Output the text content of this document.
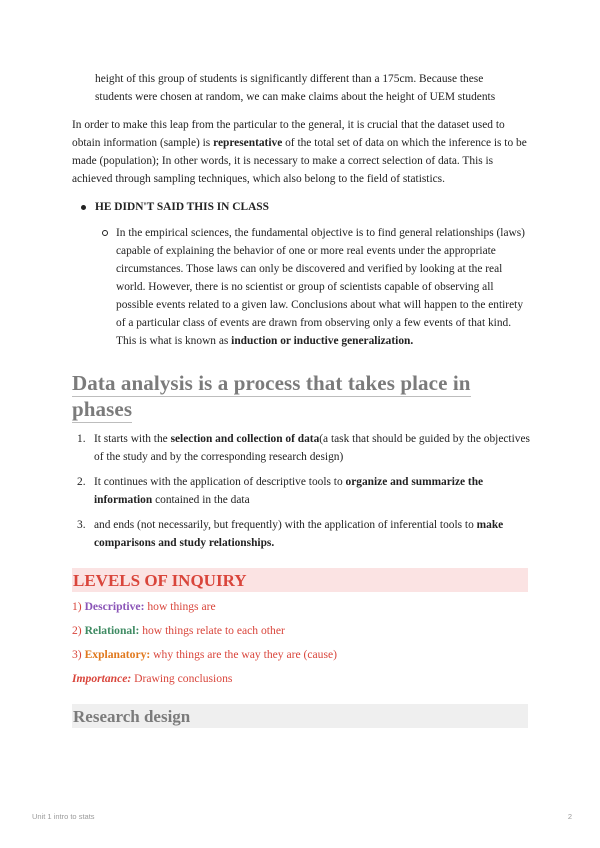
height of this group of students is significantly different than a 175cm. Because these
students were chosen at random, we can make claims about the height of UEM students

In order to make this leap from the particular to the general, it is crucial that the dataset used to obtain information (sample) is representative of the total set of data on which the inference is to be made (population); In other words, it is necessary to make a correct selection of data. This is achieved through sampling techniques, which also belong to the field of statistics.

HE DIDN'T SAID THIS IN CLASS
In the empirical sciences, the fundamental objective is to find general relationships (laws) capable of explaining the behavior of one or more real events under the appropriate circumstances. Those laws can only be discovered and verified by looking at the real world. However, there is no scientist or group of scientists capable of observing all possible events related to a given law. Conclusions about what will happen to the entirety of a particular class of events are drawn from observing only a few events of that kind. This is what is known as induction or inductive generalization.
Data analysis is a process that takes place in
phases
1. It starts with the selection and collection of data(a task that should be guided by the objectives of the study and by the corresponding research design)
2. It continues with the application of descriptive tools to organize and summarize the information contained in the data
3. and ends (not necessarily, but frequently) with the application of inferential tools to make comparisons and study relationships.
LEVELS OF INQUIRY
1) Descriptive: how things are
2) Relational: how things relate to each other
3) Explanatory: why things are the way they are (cause)
Importance: Drawing conclusions
Research design
Unit 1 intro to stats	2
